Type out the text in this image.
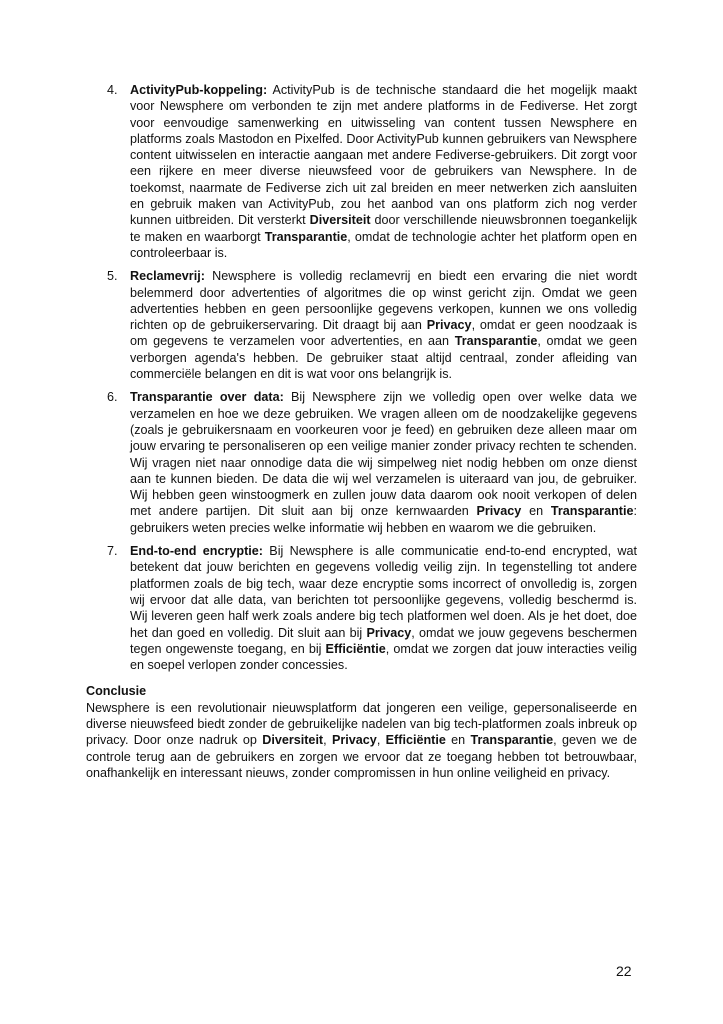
4. ActivityPub-koppeling: ActivityPub is de technische standaard die het mogelijk maakt voor Newsphere om verbonden te zijn met andere platforms in de Fediverse. Het zorgt voor eenvoudige samenwerking en uitwisseling van content tussen Newsphere en platforms zoals Mastodon en Pixelfed. Door ActivityPub kunnen gebruikers van Newsphere content uitwisselen en interactie aangaan met andere Fediverse-gebruikers. Dit zorgt voor een rijkere en meer diverse nieuwsfeed voor de gebruikers van Newsphere. In de toekomst, naarmate de Fediverse zich uit zal breiden en meer netwerken zich aansluiten en gebruik maken van ActivityPub, zou het aanbod van ons platform zich nog verder kunnen uitbreiden. Dit versterkt Diversiteit door verschillende nieuwsbronnen toegankelijk te maken en waarborgt Transparantie, omdat de technologie achter het platform open en controleerbaar is.
5. Reclamevrij: Newsphere is volledig reclamevrij en biedt een ervaring die niet wordt belemmerd door advertenties of algoritmes die op winst gericht zijn. Omdat we geen advertenties hebben en geen persoonlijke gegevens verkopen, kunnen we ons volledig richten op de gebruikerservaring. Dit draagt bij aan Privacy, omdat er geen noodzaak is om gegevens te verzamelen voor advertenties, en aan Transparantie, omdat we geen verborgen agenda's hebben. De gebruiker staat altijd centraal, zonder afleiding van commerciële belangen en dit is wat voor ons belangrijk is.
6. Transparantie over data: Bij Newsphere zijn we volledig open over welke data we verzamelen en hoe we deze gebruiken. We vragen alleen om de noodzakelijke gegevens (zoals je gebruikersnaam en voorkeuren voor je feed) en gebruiken deze alleen maar om jouw ervaring te personaliseren op een veilige manier zonder privacy rechten te schenden. Wij vragen niet naar onnodige data die wij simpelweg niet nodig hebben om onze dienst aan te kunnen bieden. De data die wij wel verzamelen is uiteraard van jou, de gebruiker. Wij hebben geen winstoogmerk en zullen jouw data daarom ook nooit verkopen of delen met andere partijen. Dit sluit aan bij onze kernwaarden Privacy en Transparantie: gebruikers weten precies welke informatie wij hebben en waarom we die gebruiken.
7. End-to-end encryptie: Bij Newsphere is alle communicatie end-to-end encrypted, wat betekent dat jouw berichten en gegevens volledig veilig zijn. In tegenstelling tot andere platformen zoals de big tech, waar deze encryptie soms incorrect of onvolledig is, zorgen wij ervoor dat alle data, van berichten tot persoonlijke gegevens, volledig beschermd is. Wij leveren geen half werk zoals andere big tech platformen wel doen. Als je het doet, doe het dan goed en volledig. Dit sluit aan bij Privacy, omdat we jouw gegevens beschermen tegen ongewenste toegang, en bij Efficiëntie, omdat we zorgen dat jouw interacties veilig en soepel verlopen zonder concessies.
Conclusie
Newsphere is een revolutionair nieuwsplatform dat jongeren een veilige, gepersonaliseerde en diverse nieuwsfeed biedt zonder de gebruikelijke nadelen van big tech-platformen zoals inbreuk op privacy. Door onze nadruk op Diversiteit, Privacy, Efficiëntie en Transparantie, geven we de controle terug aan de gebruikers en zorgen we ervoor dat ze toegang hebben tot betrouwbaar, onafhankelijk en interessant nieuws, zonder compromissen in hun online veiligheid en privacy.
22
